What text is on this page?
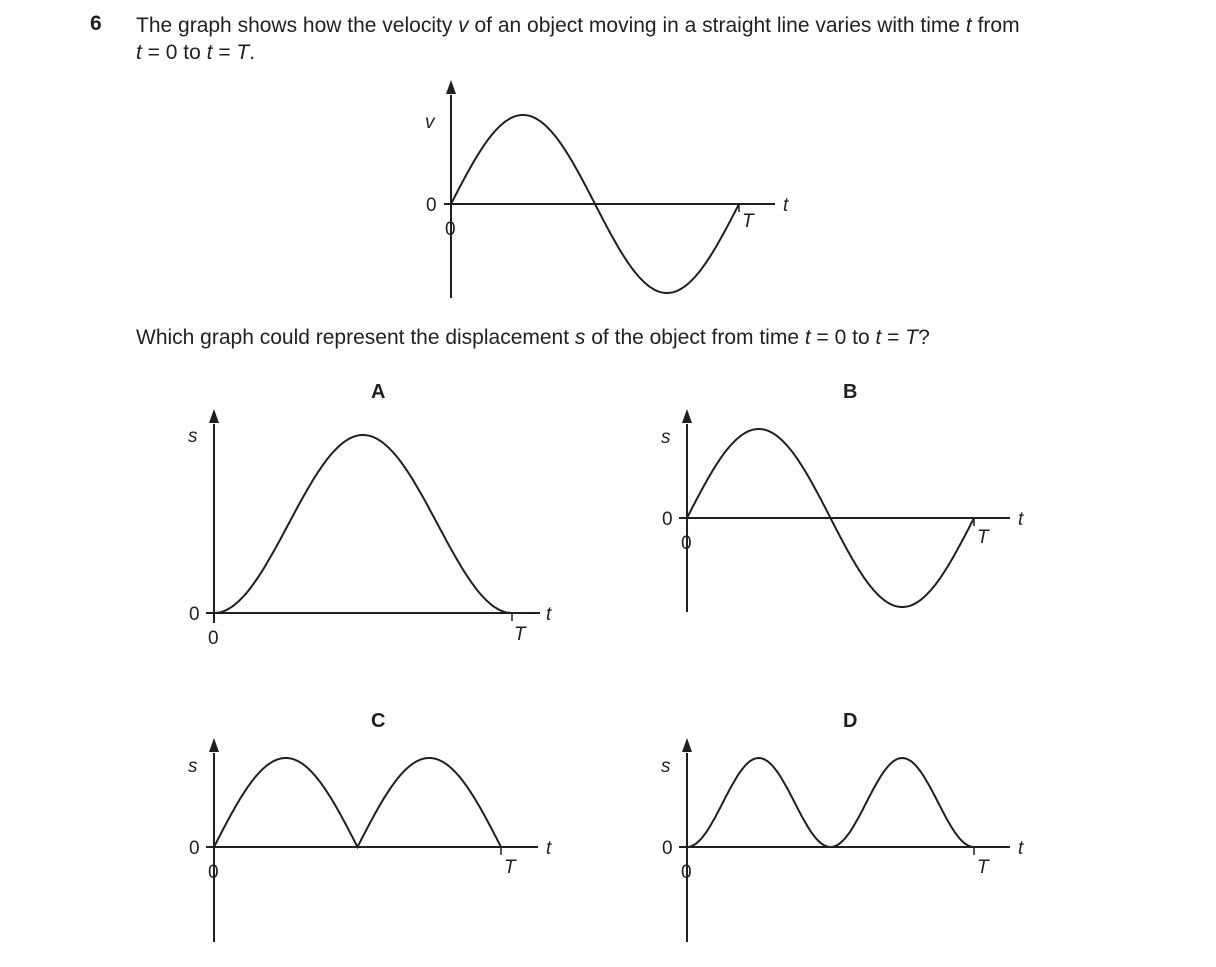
6 The graph shows how the velocity v of an object moving in a straight line varies with time t from
t = 0 to t = T.
Which graph could represent the displacement s of the object from time t = 0 to t = T?
v
0
0	T
t
A
s
0
0	T
t
B
s
0
0	T
t
C
s
0
0	T
t
D
s
0
0	T
t
